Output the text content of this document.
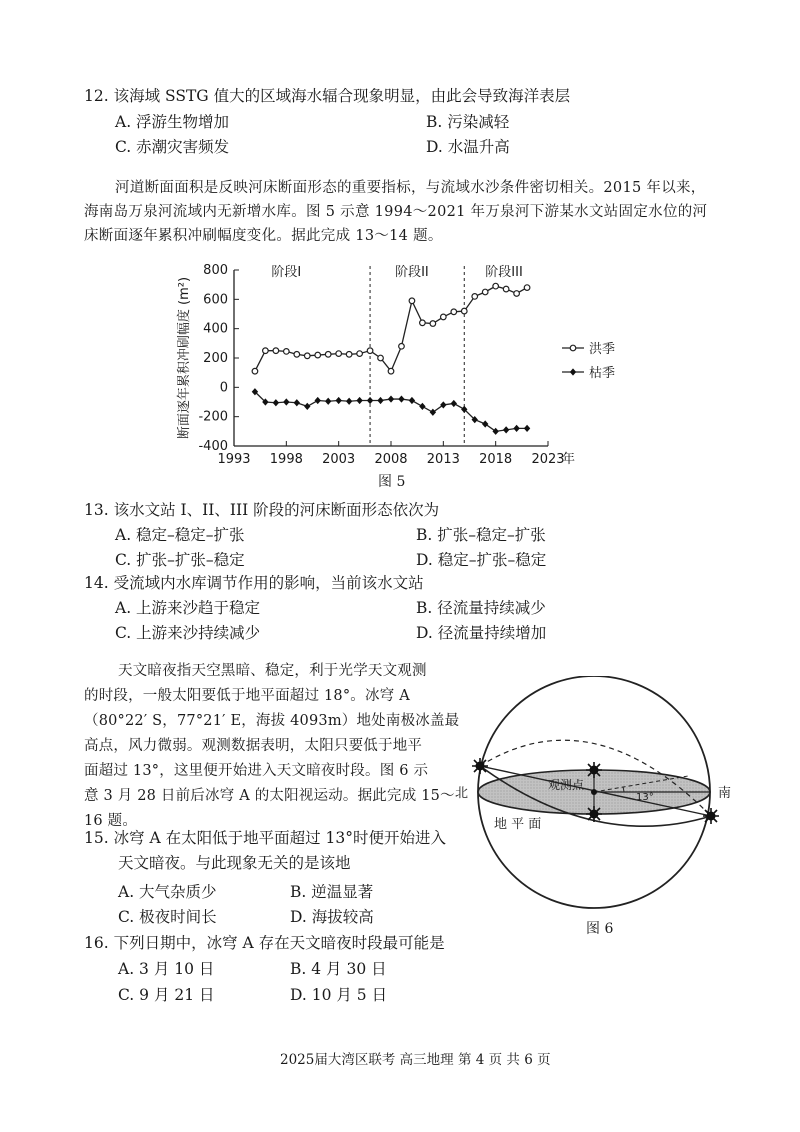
12. 该海域 SSTG 值大的区域海水辐合现象明显，由此会导致海洋表层
A. 浮游生物增加	B. 污染减轻
C. 赤潮灾害频发	D. 水温升高
河道断面面积是反映河床断面形态的重要指标，与流域水沙条件密切相关。2015 年以来，
海南岛万泉河流域内无新增水库。图 5 示意 1994～2021 年万泉河下游某水文站固定水位的河
床断面逐年累积冲刷幅度变化。据此完成 13～14 题。
-400
-200
0
200
400
600
800
1993 1998 2003 2008 2013 2018 2023
年
断面逐年累积冲刷幅度 (m²)
阶段I	阶段II	阶段III
洪季
枯季
图 5
13. 该水文站 I、II、III 阶段的河床断面形态依次为
A. 稳定–稳定–扩张	B. 扩张–稳定–扩张
C. 扩张–扩张–稳定	D. 稳定–扩张–稳定
14. 受流域内水库调节作用的影响，当前该水文站
A. 上游来沙趋于稳定	B. 径流量持续减少
C. 上游来沙持续减少	D. 径流量持续增加
天文暗夜指天空黑暗、稳定，利于光学天文观测
的时段，一般太阳要低于地平面超过 18°。冰穹 A
（80°22′ S，77°21′ E，海拔 4093m）地处南极冰盖最
高点，风力微弱。观测数据表明，太阳只要低于地平
面超过 13°，这里便开始进入天文暗夜时段。图 6 示
意 3 月 28 日前后冰穹 A 的太阳视运动。据此完成 15～
16 题。
北	南
观测点
13°
地 平 面
图 6
15. 冰穹 A 在太阳低于地平面超过 13°时便开始进入
天文暗夜。与此现象无关的是该地
A. 大气杂质少	B. 逆温显著
C. 极夜时间长	D. 海拔较高
16. 下列日期中，冰穹 A 存在天文暗夜时段最可能是
A. 3 月 10 日	B. 4 月 30 日
C. 9 月 21 日	D. 10 月 5 日
2025届大湾区联考 高三地理 第 4 页 共 6 页
